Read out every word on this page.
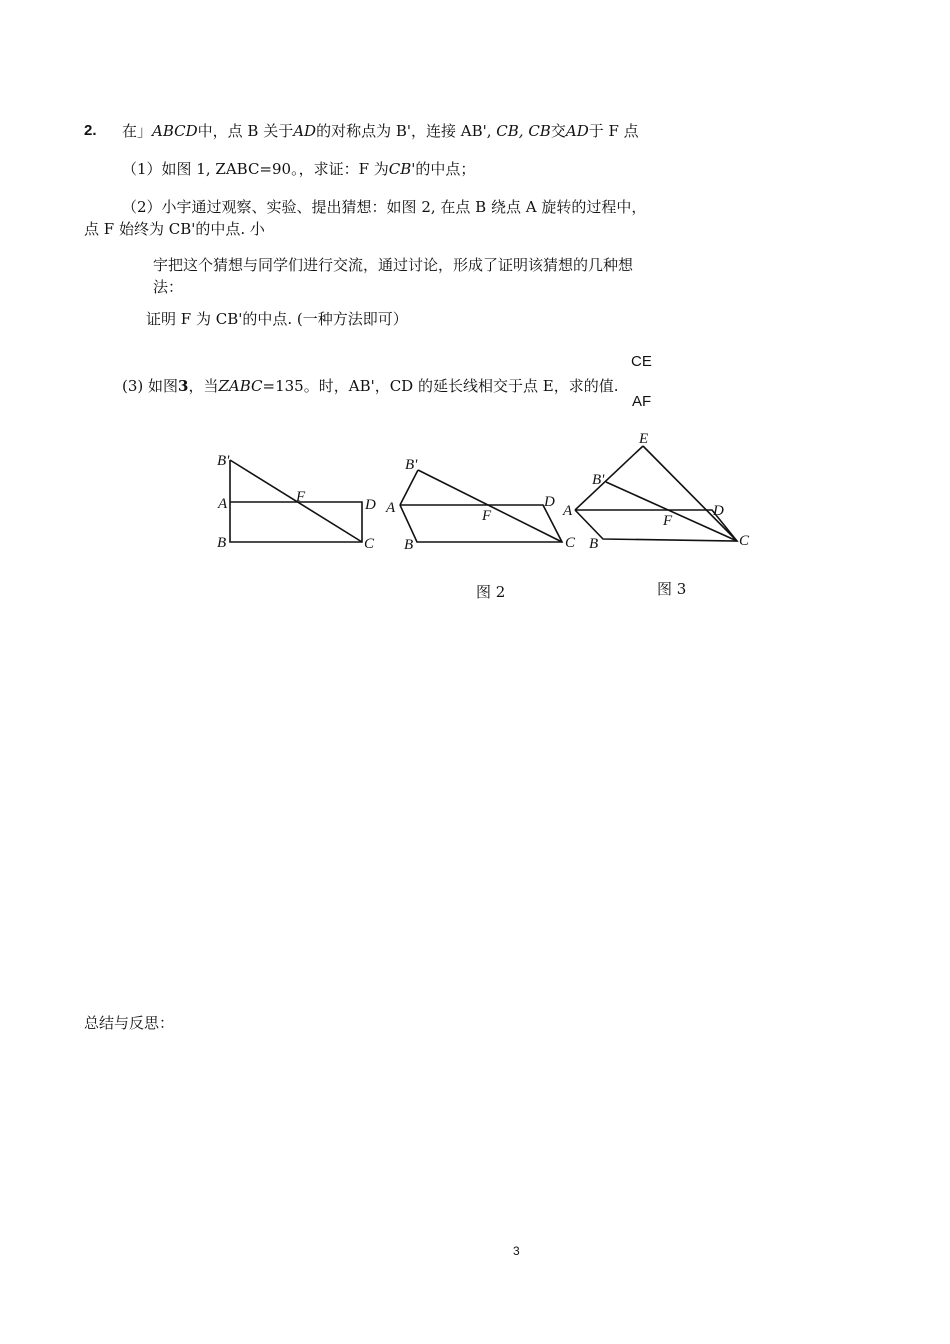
2. 在」ABCD中，点 B 关于AD的对称点为 B'，连接 AB', CB, CB交AD于 F 点
（1）如图 1, ZABC=90。，求证：F 为CB'的中点；
（2）小宇通过观察、实验、提出猜想：如图 2, 在点 B 绕点 A 旋转的过程中，
点 F 始终为 CB'的中点. 小
宇把这个猜想与同学们进行交流，通过讨论，形成了证明该猜想的几种想
法：
证明 F 为 CB'的中点. (一种方法即可）
(3) 如图3，当ZABC=135。时，AB'，CD 的延长线相交于点 E，求的值.
CE
AF
B'
A	F	D
B	C
B'
A	D
F
B	C
E
B'
A
F
D
B	C
图 2	图 3
总结与反思：
3
